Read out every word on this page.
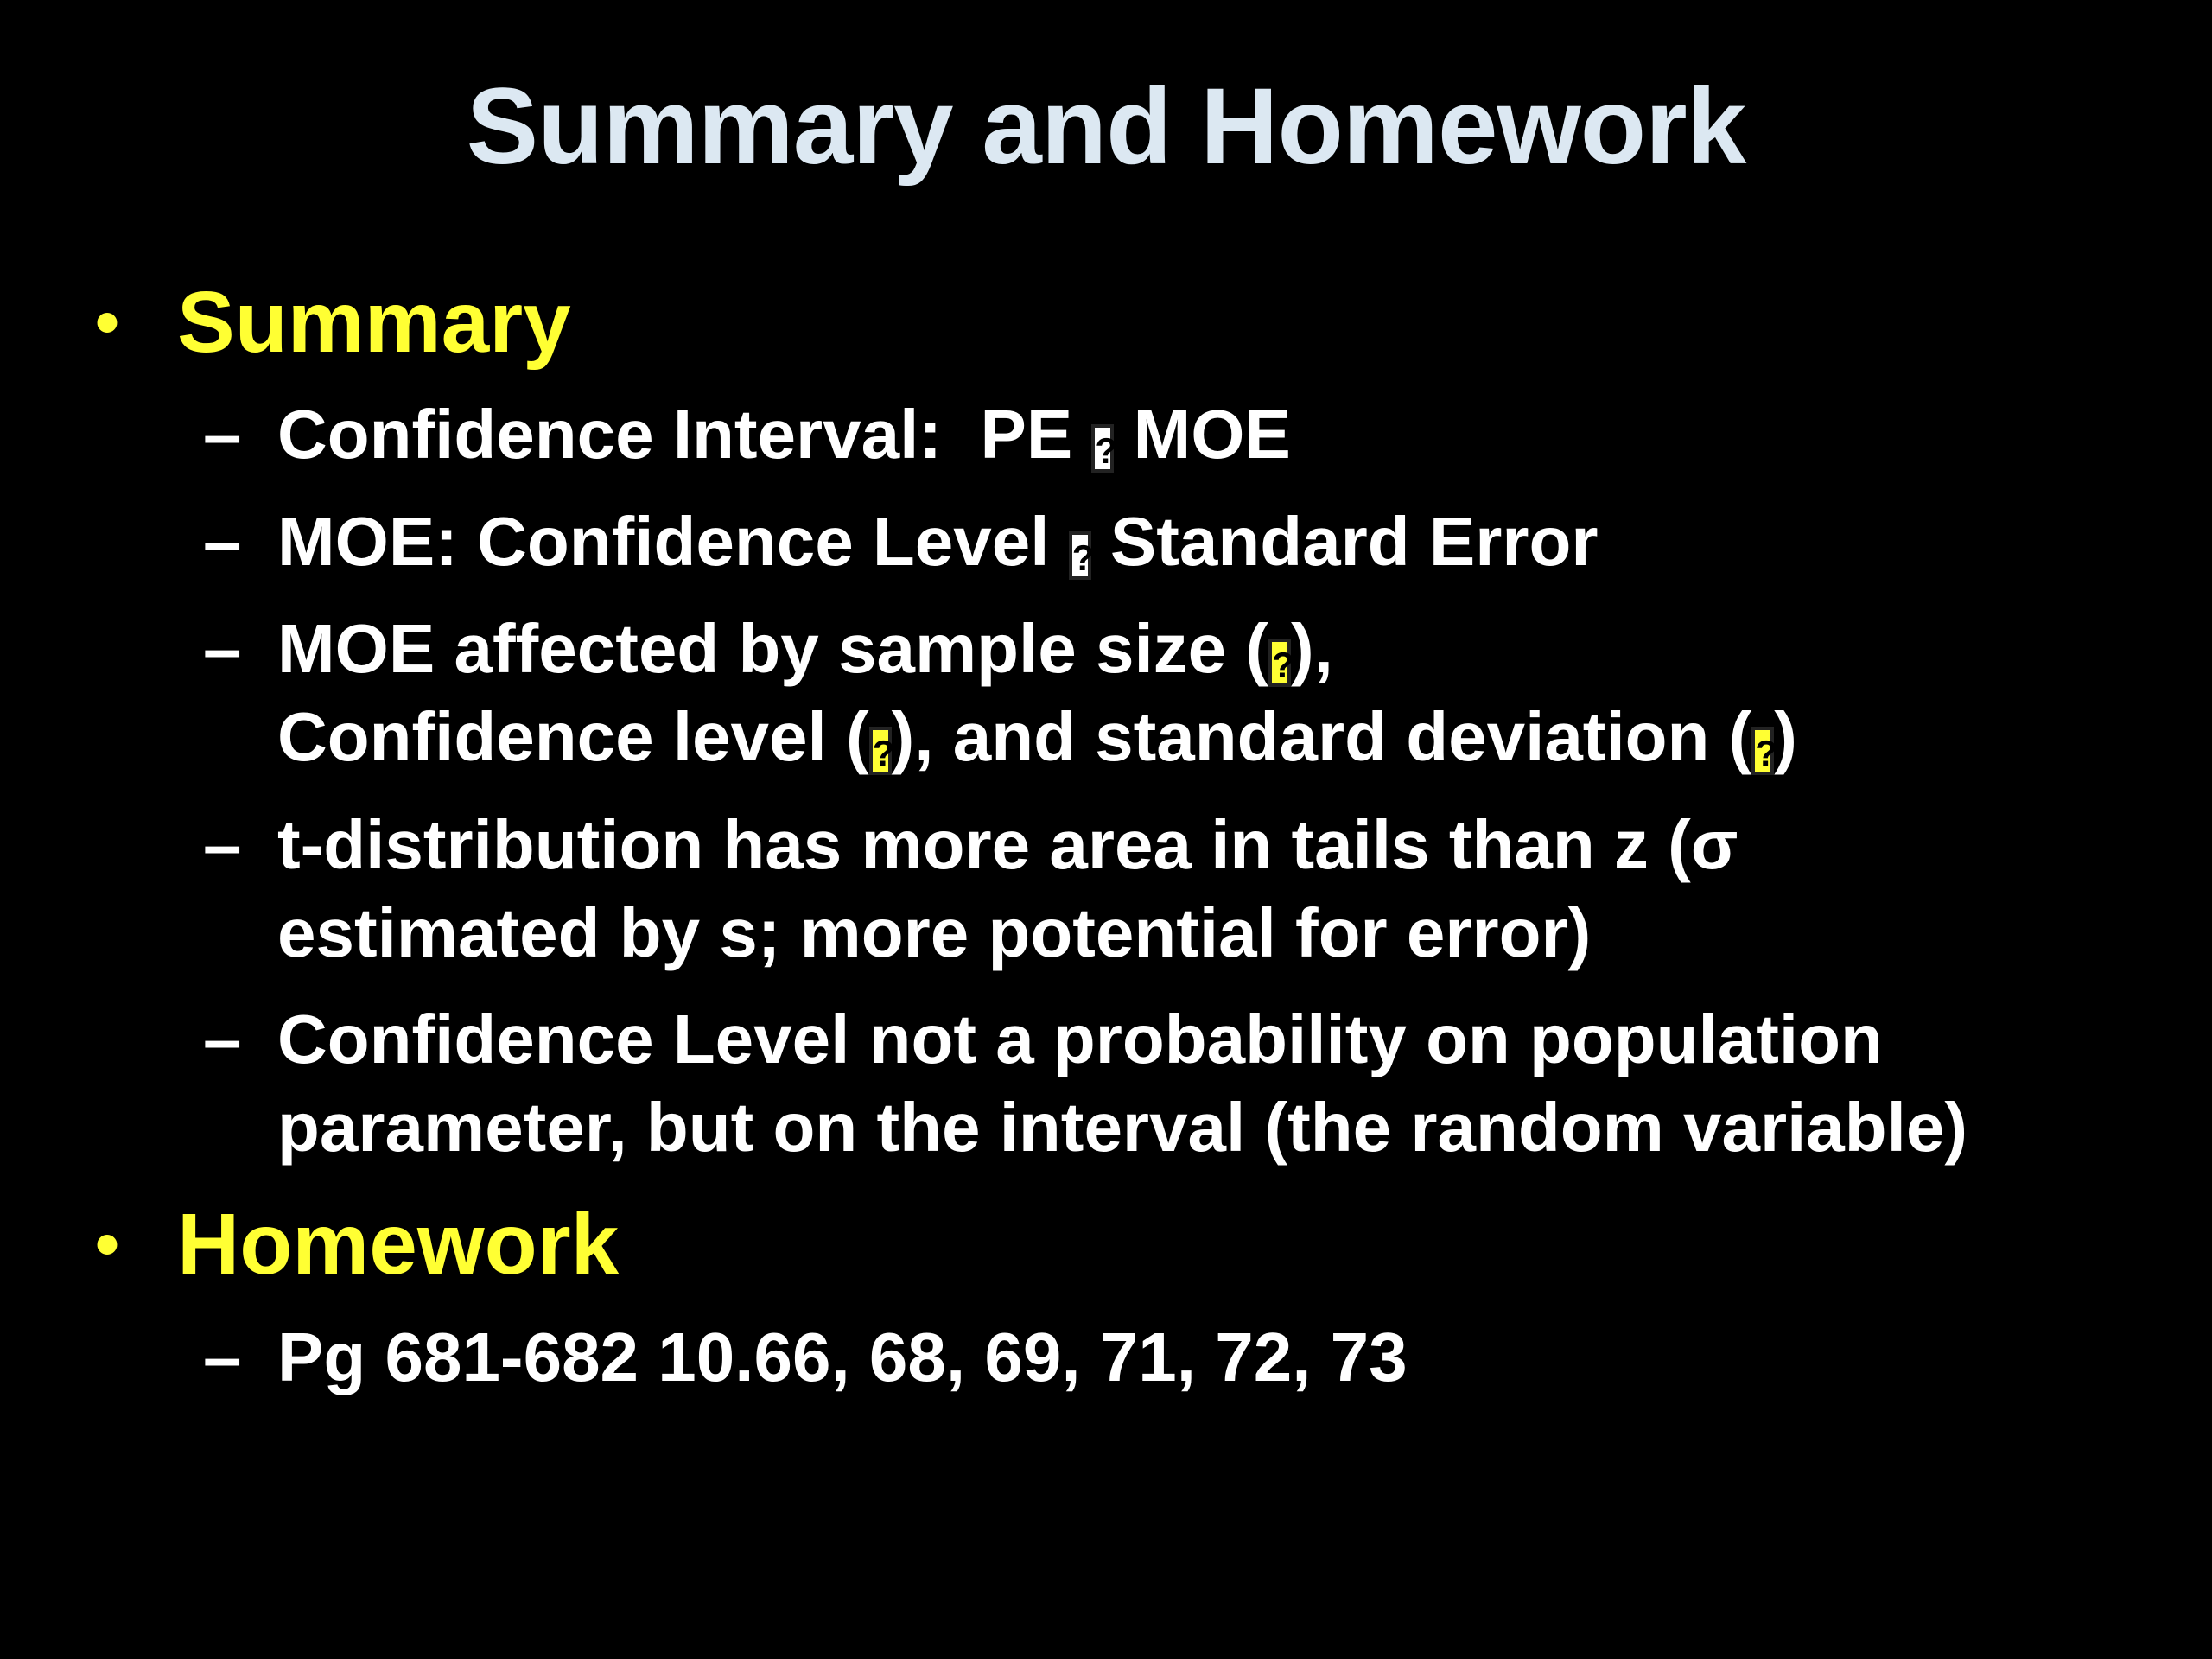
Summary and Homework
• Summary
– Confidence Interval:  PE ? MOE
– MOE: Confidence Level ? Standard Error
– MOE affected by sample size (?),
Confidence level (?), and standard deviation (?)
– t-distribution has more area in tails than z (σ
estimated by s; more potential for error)
– Confidence Level not a probability on population
parameter, but on the interval (the random variable)
• Homework
– Pg 681-682 10.66, 68, 69, 71, 72, 73
